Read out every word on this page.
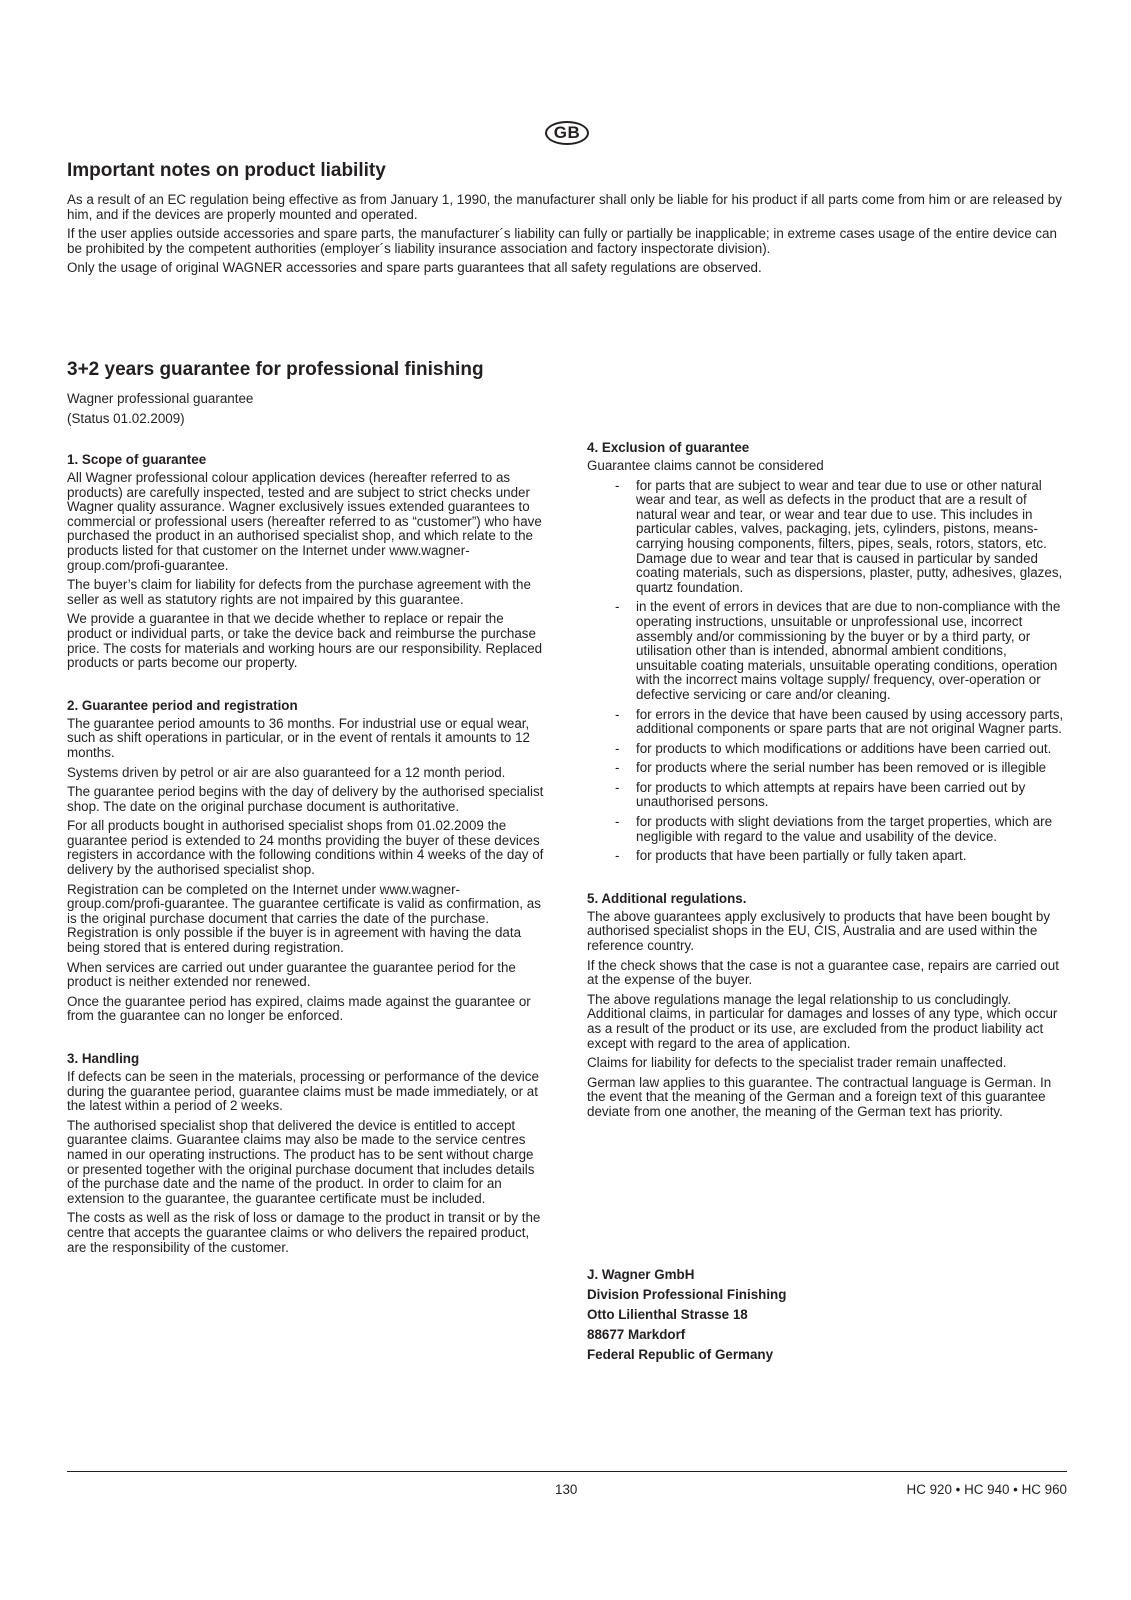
GB
Important notes on product liability

As a result of an EC regulation being effective as from January 1, 1990, the manufacturer shall only be liable for his product if all parts come from him or are released by him, and if the devices are properly mounted and operated.

If the user applies outside accessories and spare parts, the manufacturer´s liability can fully or partially be inapplicable; in extreme cases usage of the entire device can be prohibited by the competent authorities (employer´s liability insurance association and factory inspectorate division).

Only the usage of original WAGNER accessories and spare parts guarantees that all safety regulations are observed.

3+2 years guarantee for professional finishing

Wagner professional guarantee

(Status 01.02.2009)

1. Scope of guarantee

All Wagner professional colour application devices (hereafter referred to as products) are carefully inspected, tested and are subject to strict checks under Wagner quality assurance. Wagner exclusively issues extended guarantees to commercial or professional users (hereafter referred to as “customer”) who have purchased the product in an authorised specialist shop, and which relate to the products listed for that customer on the Internet under www.wagner-group.com/profi-guarantee.

The buyer’s claim for liability for defects from the purchase agreement with the seller as well as statutory rights are not impaired by this guarantee.

We provide a guarantee in that we decide whether to replace or repair the product or individual parts, or take the device back and reimburse the purchase price. The costs for materials and working hours are our responsibility. Replaced products or parts become our property.

2. Guarantee period and registration

The guarantee period amounts to 36 months. For industrial use or equal wear, such as shift operations in particular, or in the event of rentals it amounts to 12 months.

Systems driven by petrol or air are also guaranteed for a 12 month period.

The guarantee period begins with the day of delivery by the authorised specialist shop. The date on the original purchase document is authoritative.

For all products bought in authorised specialist shops from 01.02.2009 the guarantee period is extended to 24 months providing the buyer of these devices registers in accordance with the following conditions within 4 weeks of the day of delivery by the authorised specialist shop.

Registration can be completed on the Internet under www.wagner-group.com/profi-guarantee. The guarantee certificate is valid as confirmation, as is the original purchase document that carries the date of the purchase. Registration is only possible if the buyer is in agreement with having the data being stored that is entered during registration.

When services are carried out under guarantee the guarantee period for the product is neither extended nor renewed.

Once the guarantee period has expired, claims made against the guarantee or from the guarantee can no longer be enforced.

3. Handling

If defects can be seen in the materials, processing or performance of the device during the guarantee period, guarantee claims must be made immediately, or at the latest within a period of 2 weeks.

The authorised specialist shop that delivered the device is entitled to accept guarantee claims. Guarantee claims may also be made to the service centres named in our operating instructions. The product has to be sent without charge or presented together with the original purchase document that includes details of the purchase date and the name of the product. In order to claim for an extension to the guarantee, the guarantee certificate must be included.

The costs as well as the risk of loss or damage to the product in transit or by the centre that accepts the guarantee claims or who delivers the repaired product, are the responsibility of the customer.

4. Exclusion of guarantee

Guarantee claims cannot be considered

- for parts that are subject to wear and tear due to use or other natural wear and tear, as well as defects in the product that are a result of natural wear and tear, or wear and tear due to use. This includes in particular cables, valves, packaging, jets, cylinders, pistons, means-carrying housing components, filters, pipes, seals, rotors, stators, etc. Damage due to wear and tear that is caused in particular by sanded coating materials, such as dispersions, plaster, putty, adhesives, glazes, quartz foundation.
- in the event of errors in devices that are due to non-compliance with the operating instructions, unsuitable or unprofessional use, incorrect assembly and/or commissioning by the buyer or by a third party, or utilisation other than is intended, abnormal ambient conditions, unsuitable coating materials, unsuitable operating conditions, operation with the incorrect mains voltage supply/ frequency, over-operation or defective servicing or care and/or cleaning.
- for errors in the device that have been caused by using accessory parts, additional components or spare parts that are not original Wagner parts.
- for products to which modifications or additions have been carried out.
- for products where the serial number has been removed or is illegible
- for products to which attempts at repairs have been carried out by unauthorised persons.
- for products with slight deviations from the target properties, which are negligible with regard to the value and usability of the device.
- for products that have been partially or fully taken apart.
5. Additional regulations.

The above guarantees apply exclusively to products that have been bought by authorised specialist shops in the EU, CIS, Australia and are used within the reference country.

If the check shows that the case is not a guarantee case, repairs are carried out at the expense of the buyer.

The above regulations manage the legal relationship to us concludingly. Additional claims, in particular for damages and losses of any type, which occur as a result of the product or its use, are excluded from the product liability act except with regard to the area of application.

Claims for liability for defects to the specialist trader remain unaffected.

German law applies to this guarantee. The contractual language is German. In the event that the meaning of the German and a foreign text of this guarantee deviate from one another, the meaning of the German text has priority.

J. Wagner GmbH

Division Professional Finishing

Otto Lilienthal Strasse 18

88677 Markdorf

Federal Republic of Germany

130	HC 920 • HC 940 • HC 960
